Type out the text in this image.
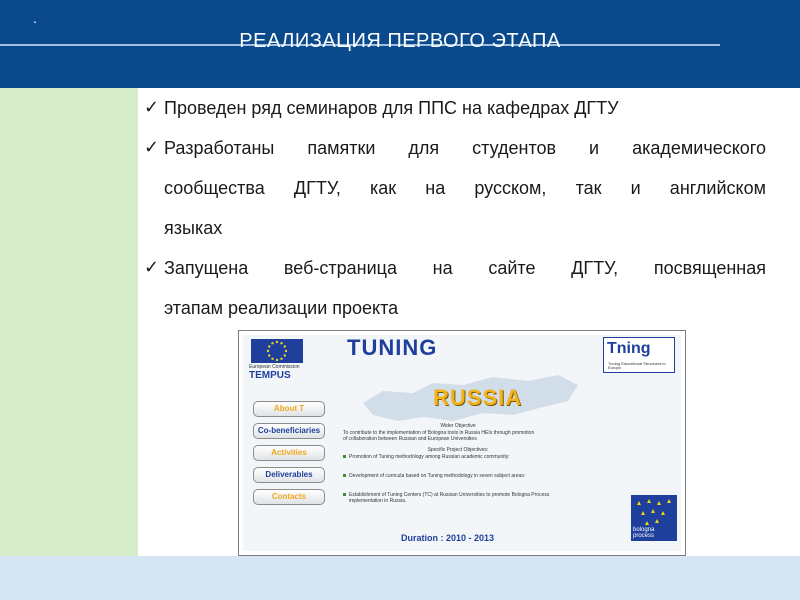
.
РЕАЛИЗАЦИЯ ПЕРВОГО ЭТАПА
✓ Проведен ряд семинаров для ППС на кафедрах ДГТУ
✓ Разработаны памятки для студентов и академического
сообщества ДГТУ, как на русском, так и английском
языках
✓ Запущена веб-страница на сайте ДГТУ, посвященная
этапам реализации проекта
European Commission
TEMPUS
TUNING	Tning
Tuning Educational Structures in Europe
RUSSIA
About T
Co-beneficiaries
Activities
Deliverables
Contacts
Wider Objective
To contribute to the implementation of Bologna tools in Russia HEIs through promotion
of collaboration between Russian and European Universities
Specific Project Objectives:
Promotion of Tuning methodology among Russian academic community:
Development of curricula based on Tuning methodology in seven subject areas:
Establishment of Tuning Centers (TC) at Russian Universities to promote Bologna Process implementation in Russia.
bologna process
Duration : 2010 - 2013
